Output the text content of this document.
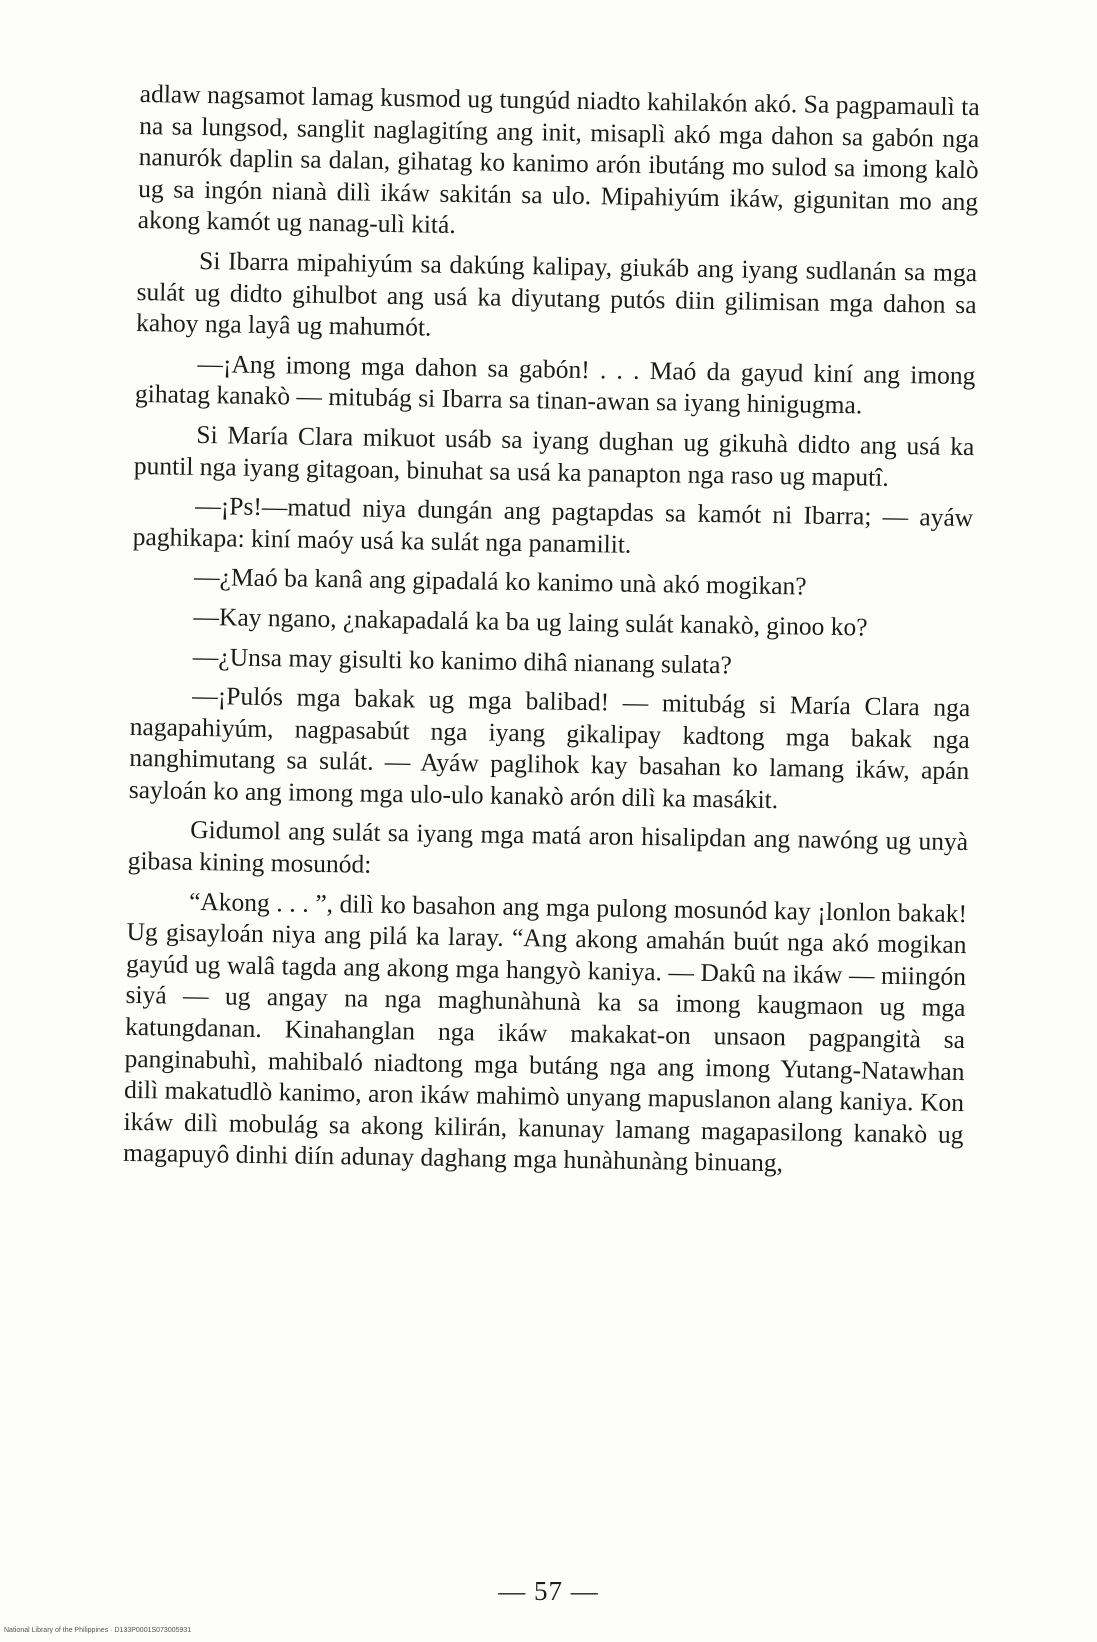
adlaw nagsamot lamag kusmod ug tungúd niadto kahilakón akó. Sa pagpamaulì ta na sa lungsod, sanglit naglagitíng ang init, misaplì akó mga dahon sa gabón nga nanurók daplin sa dalan, gihatag ko kanimo arón ibutáng mo sulod sa imong kalò ug sa ingón nianà dilì ikáw sakitán sa ulo. Mipahiyúm ikáw, gigunitan mo ang akong kamót ug nanag-ulì kitá.

Si Ibarra mipahiyúm sa dakúng kalipay, giukáb ang iyang sudlanán sa mga sulát ug didto gihulbot ang usá ka diyutang putós diin gilimisan mga dahon sa kahoy nga layâ ug mahumót.

—¡Ang imong mga dahon sa gabón! . . . Maó da gayud kiní ang imong gihatag kanakò — mitubág si Ibarra sa tinan-awan sa iyang hinigugma.

Si María Clara mikuot usáb sa iyang dughan ug gikuhà didto ang usá ka puntil nga iyang gitagoan, binuhat sa usá ka panapton nga raso ug maputî.

—¡Ps!—matud niya dungán ang pagtapdas sa kamót ni Ibarra; — ayáw paghikapa: kiní maóy usá ka sulát nga panamilit.

—¿Maó ba kanâ ang gipadalá ko kanimo unà akó mogikan?

—Kay ngano, ¿nakapadalá ka ba ug laing sulát kanakò, ginoo ko?

—¿Unsa may gisulti ko kanimo dihâ nianang sulata?

—¡Pulós mga bakak ug mga balibad! — mitubág si María Clara nga nagapahiyúm, nagpasabút nga iyang gikalipay kadtong mga bakak nga nanghimutang sa sulát. — Ayáw paglihok kay basahan ko lamang ikáw, apán sayloán ko ang imong mga ulo-ulo kanakò arón dilì ka masákit.

Gidumol ang sulát sa iyang mga matá aron hisalipdan ang nawóng ug unyà gibasa kining mosunód:

“Akong . . . ”, dilì ko basahon ang mga pulong mosunód kay ¡lonlon bakak! Ug gisayloán niya ang pilá ka laray. “Ang akong amahán buút nga akó mogikan gayúd ug walâ tagda ang akong mga hangyò kaniya. — Dakû na ikáw — miingón siyá — ug angay na nga maghunàhunà ka sa imong kaugmaon ug mga katungdanan. Kinahanglan nga ikáw makakat-on unsaon pagpangità sa panginabuhì, mahibaló niadtong mga butáng nga ang imong Yutang-Natawhan dilì makatudlò kanimo, aron ikáw mahimò unyang mapuslanon alang kaniya. Kon ikáw dilì mobulág sa akong kilirán, kanunay lamang magapasilong kanakò ug magapuyô dinhi diín adunay daghang mga hunàhunàng binuang,

— 57 —
National Library of the Philippines · D133P0001S073005931
